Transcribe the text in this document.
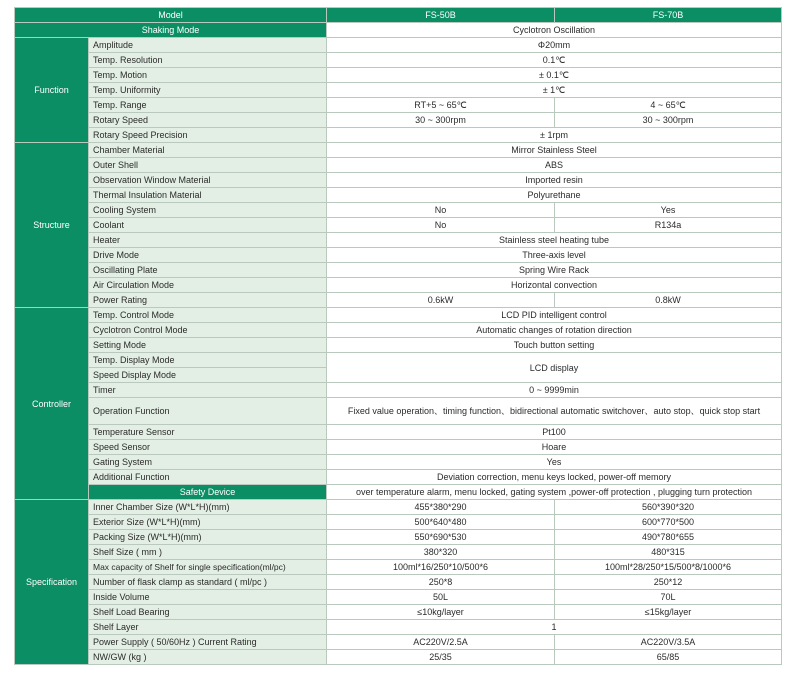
Model		FS-50B	FS-70B
Shaking Mode		Cyclotron Oscillation	
Function	Amplitude	Φ20mm	
	Temp. Resolution	0.1℃	
	Temp. Motion	± 0.1℃	
	Temp. Uniformity	± 1℃	
	Temp. Range	RT+5 ~ 65℃	4 ~ 65℃
	Rotary Speed	30 ~ 300rpm	30 ~ 300rpm
	Rotary Speed Precision	± 1rpm	
Structure	Chamber Material	Mirror Stainless Steel	
	Outer Shell	ABS	
	Observation Window Material	Imported resin	
	Thermal Insulation Material	Polyurethane	
	Cooling System	No	Yes
	Coolant	No	R134a
	Heater	Stainless steel heating tube	
	Drive Mode	Three-axis level	
	Oscillating Plate	Spring Wire Rack	
	Air Circulation Mode	Horizontal convection	
	Power Rating	0.6kW	0.8kW
Controller	Temp. Control Mode	LCD PID intelligent control	
	Cyclotron Control Mode	Automatic changes of rotation direction	
	Setting Mode	Touch button setting	
	Temp. Display Mode	LCD display	
	Speed Display Mode		
	Timer	0 ~ 9999min	
	Operation Function	Fixed value operation、timing function、bidirectional automatic switchover、auto stop、quick stop start	
	Temperature Sensor	Pt100	
	Speed Sensor	Hoare	
	Gating System	Yes	
	Additional Function	Deviation correction, menu keys locked, power-off memory	
	Safety Device	over temperature alarm, menu locked, gating system ,power-off protection , plugging turn protection	
Specification	Inner Chamber Size (W*L*H)(mm)	455*380*290	560*390*320
	Exterior Size (W*L*H)(mm)	500*640*480	600*770*500
	Packing Size (W*L*H)(mm)	550*690*530	490*780*655
	Shelf Size ( mm )	380*320	480*315
	Max capacity of Shelf for single specification(ml/pc)	100ml*16/250*10/500*6	100ml*28/250*15/500*8/1000*6
	Number of flask clamp as standard ( ml/pc )	250*8	250*12
	Inside Volume	50L	70L
	Shelf Load Bearing	≤10kg/layer	≤15kg/layer
	Shelf Layer	1	
	Power Supply ( 50/60Hz ) Current Rating	AC220V/2.5A	AC220V/3.5A
	NW/GW (kg )	25/35	65/85
